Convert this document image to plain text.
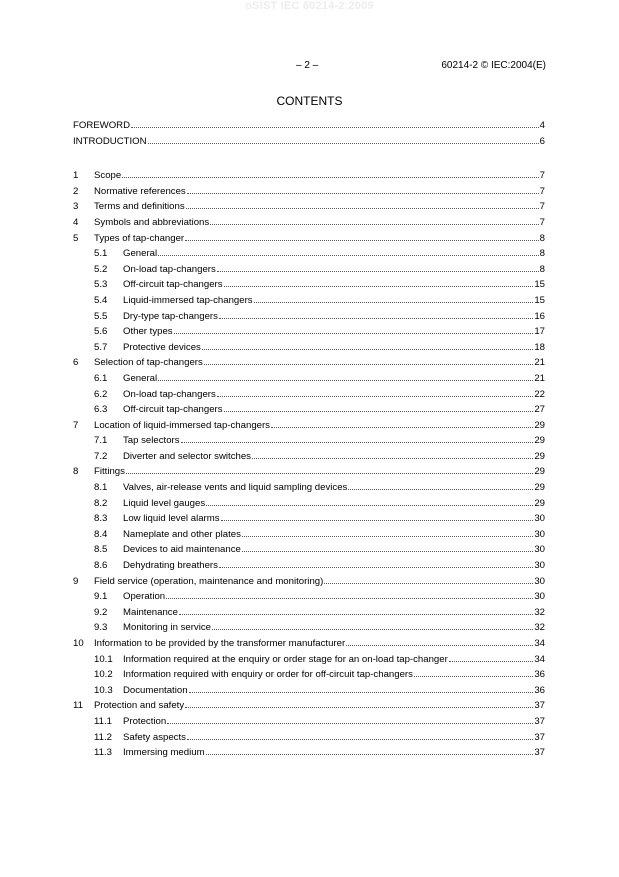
oSIST IEC 60214-2:2009
– 2 –	60214-2 © IEC:2004(E)
CONTENTS
FOREWORD	4
INTRODUCTION	6
1	Scope	7
2	Normative references	7
3	Terms and definitions	7
4	Symbols and abbreviations	7
5	Types of tap-changer	8
5.1	General	8
5.2	On-load tap-changers	8
5.3	Off-circuit tap-changers	15
5.4	Liquid-immersed tap-changers	15
5.5	Dry-type tap-changers	16
5.6	Other types	17
5.7	Protective devices	18
6	Selection of tap-changers	21
6.1	General	21
6.2	On-load tap-changers	22
6.3	Off-circuit tap-changers	27
7	Location of liquid-immersed tap-changers	29
7.1	Tap selectors	29
7.2	Diverter and selector switches	29
8	Fittings	29
8.1	Valves, air-release vents and liquid sampling devices	29
8.2	Liquid level gauges	29
8.3	Low liquid level alarms	30
8.4	Nameplate and other plates	30
8.5	Devices to aid maintenance	30
8.6	Dehydrating breathers	30
9	Field service (operation, maintenance and monitoring)	30
9.1	Operation	30
9.2	Maintenance	32
9.3	Monitoring in service	32
10	Information to be provided by the transformer manufacturer	34
10.1	Information required at the enquiry or order stage for an on-load tap-changer	34
10.2	Information required with enquiry or order for off-circuit tap-changers	36
10.3	Documentation	36
11	Protection and safety	37
11.1	Protection	37
11.2	Safety aspects	37
11.3	Immersing medium	37
